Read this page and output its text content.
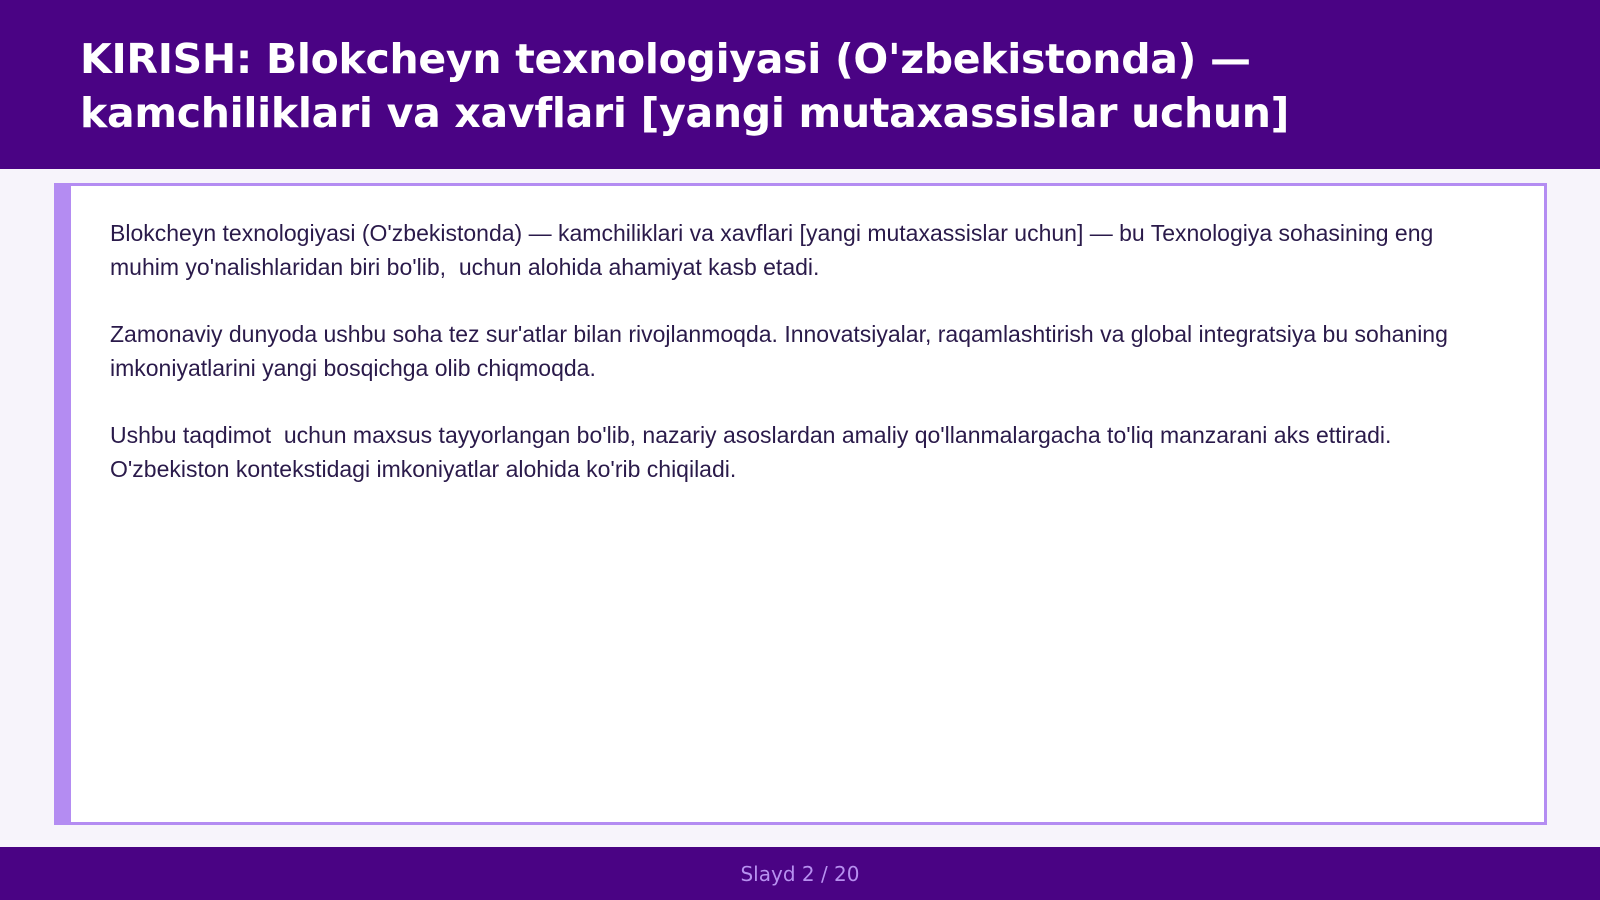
KIRISH: Blokcheyn texnologiyasi (O'zbekistonda) — kamchiliklari va xavflari [yangi mutaxassislar uchun]

Blokcheyn texnologiyasi (O'zbekistonda) — kamchiliklari va xavflari [yangi mutaxassislar uchun] — bu Texnologiya sohasining eng muhim yo'nalishlaridan biri bo'lib,  uchun alohida ahamiyat kasb etadi.

Zamonaviy dunyoda ushbu soha tez sur'atlar bilan rivojlanmoqda. Innovatsiyalar, raqamlashtirish va global integratsiya bu sohaning imkoniyatlarini yangi bosqichga olib chiqmoqda.

Ushbu taqdimot  uchun maxsus tayyorlangan bo'lib, nazariy asoslardan amaliy qo'llanmalargacha to'liq manzarani aks ettiradi. O'zbekiston kontekstidagi imkoniyatlar alohida ko'rib chiqiladi.

Slayd 2 / 20
